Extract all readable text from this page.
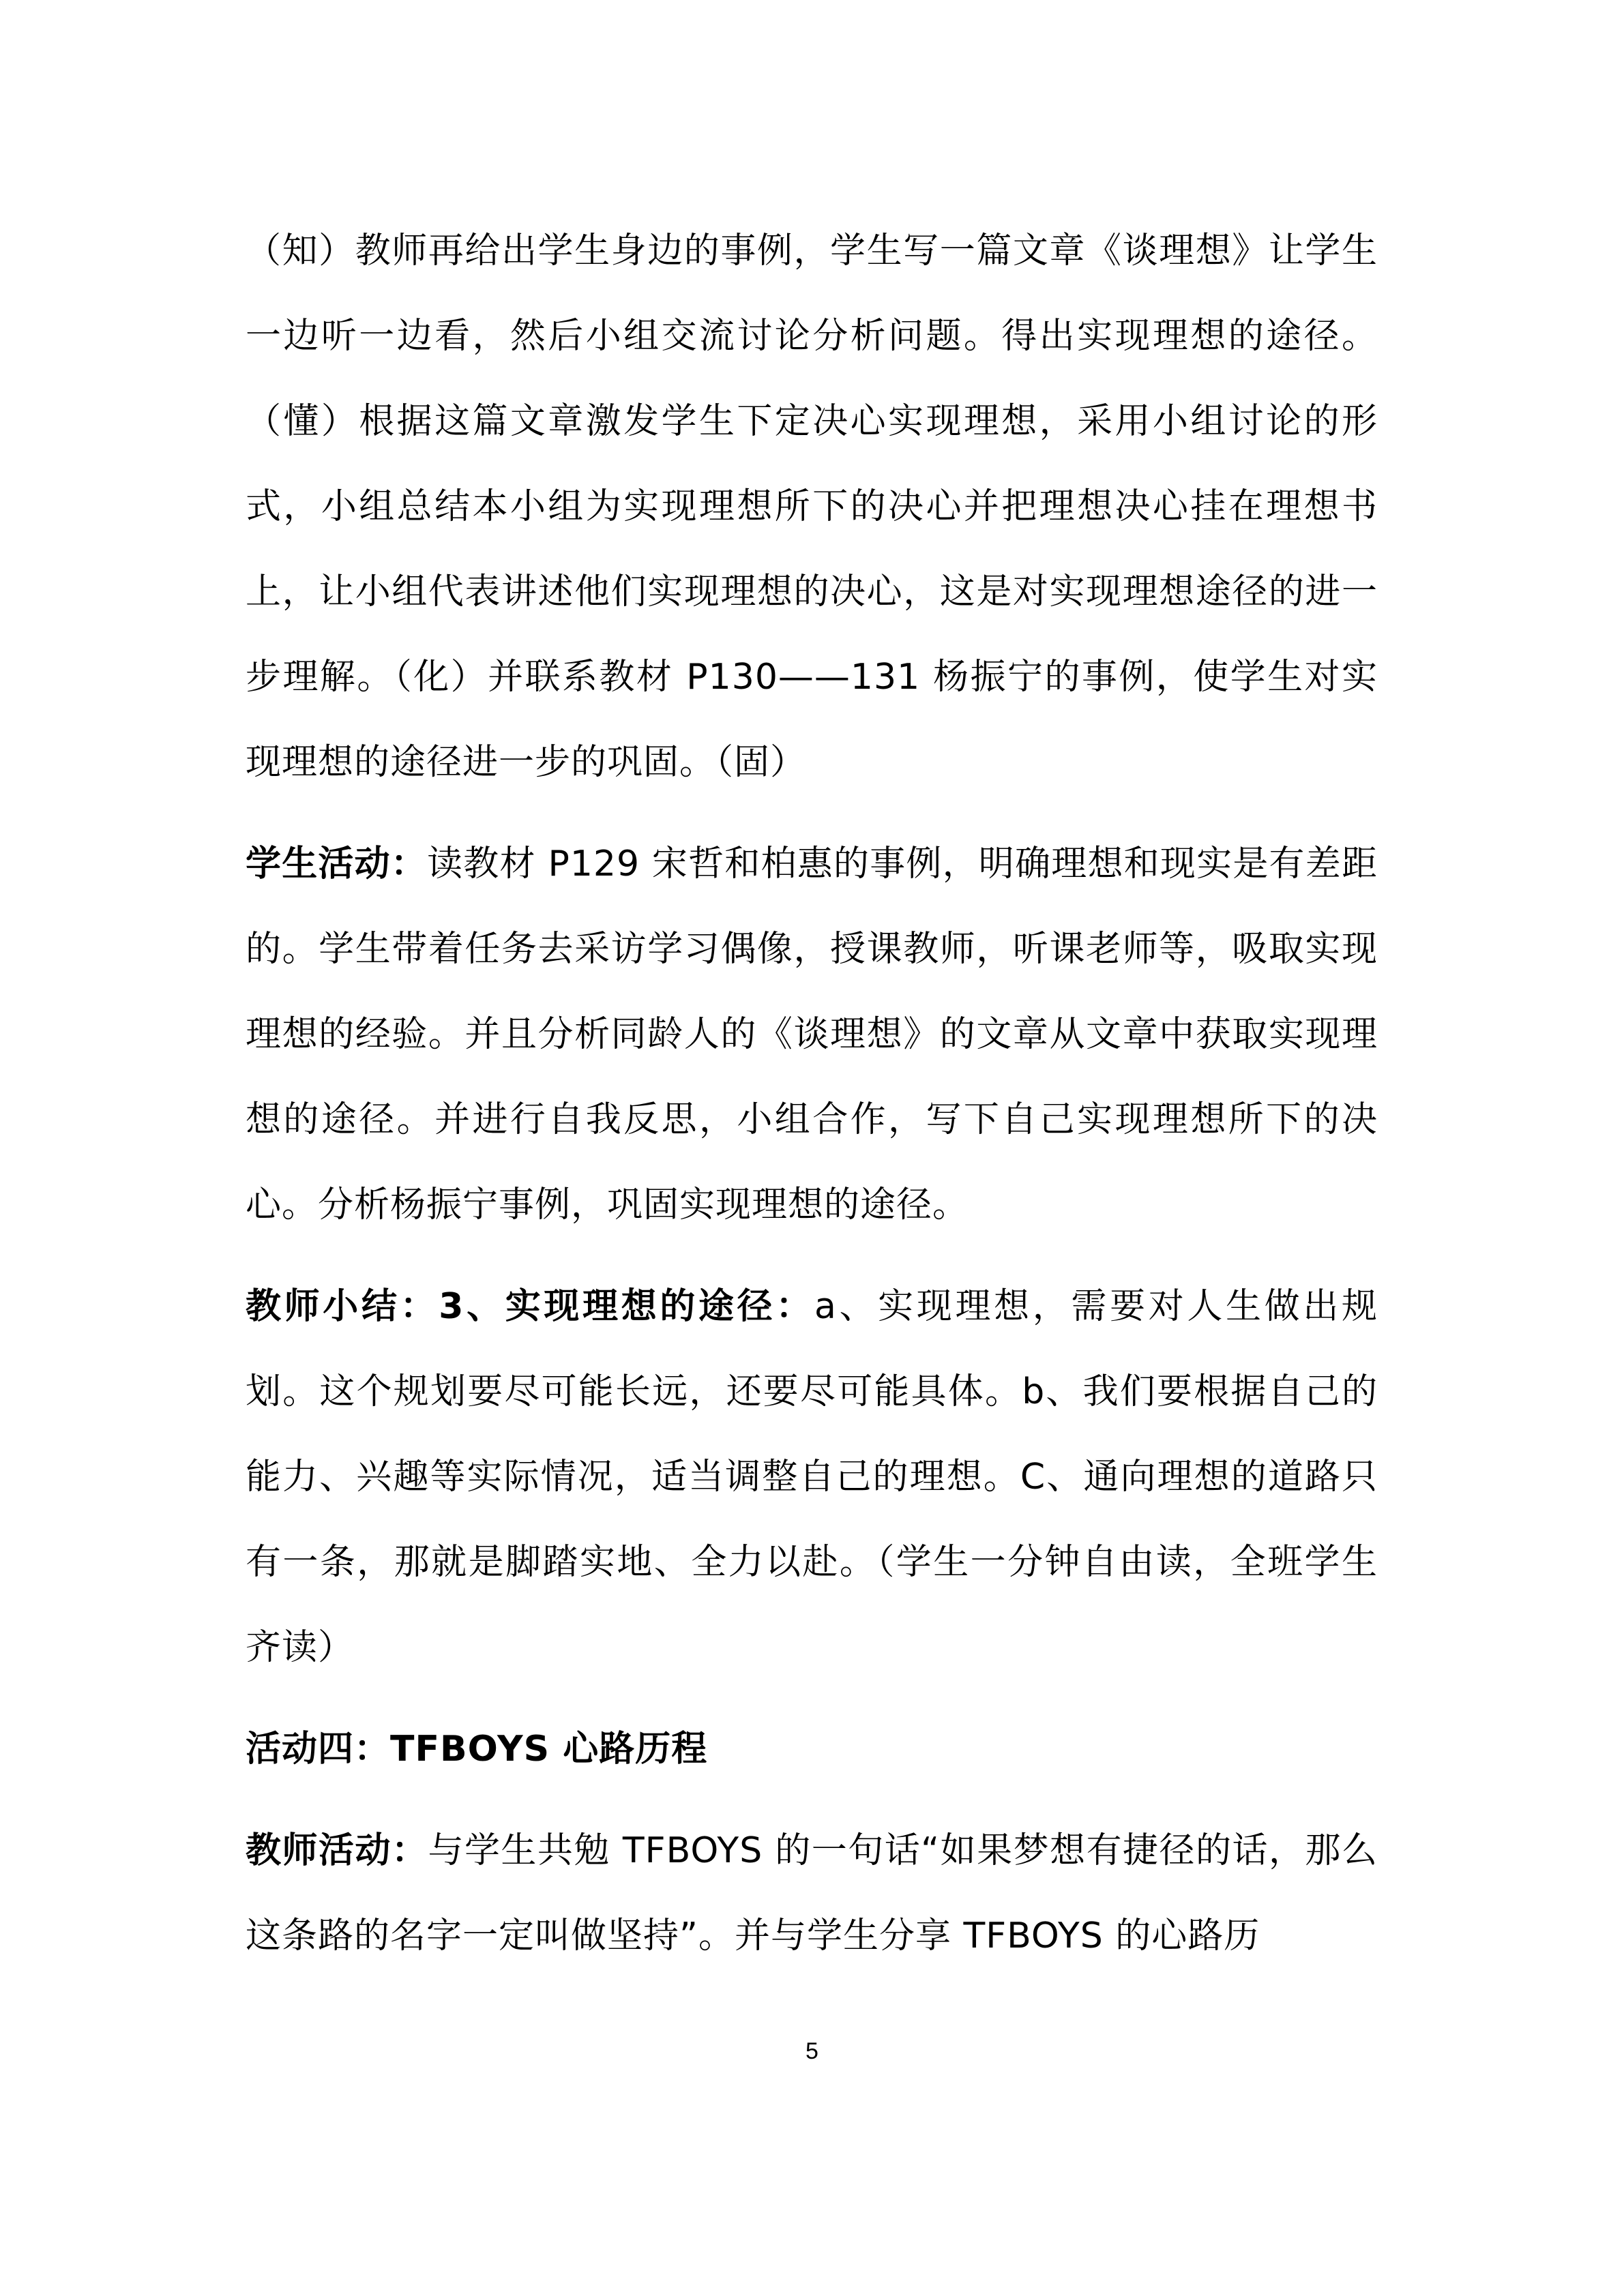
（知）教师再给出学生身边的事例，学生写一篇文章《谈理想》让学生一边听一边看，然后小组交流讨论分析问题。得出实现理想的途径。（懂）根据这篇文章激发学生下定决心实现理想，采用小组讨论的形式，小组总结本小组为实现理想所下的决心并把理想决心挂在理想书上，让小组代表讲述他们实现理想的决心，这是对实现理想途径的进一步理解。（化）并联系教材 P130——131 杨振宁的事例，使学生对实现理想的途径进一步的巩固。（固）

学生活动：读教材 P129 宋哲和柏惠的事例，明确理想和现实是有差距的。学生带着任务去采访学习偶像，授课教师，听课老师等，吸取实现理想的经验。并且分析同龄人的《谈理想》的文章从文章中获取实现理想的途径。并进行自我反思，小组合作，写下自己实现理想所下的决心。分析杨振宁事例，巩固实现理想的途径。

教师小结：3、实现理想的途径：a、实现理想，需要对人生做出规划。这个规划要尽可能长远，还要尽可能具体。b、我们要根据自己的能力、兴趣等实际情况，适当调整自己的理想。C、通向理想的道路只有一条，那就是脚踏实地、全力以赴。（学生一分钟自由读，全班学生齐读）

活动四：TFBOYS 心路历程

教师活动：与学生共勉 TFBOYS 的一句话“如果梦想有捷径的话，那么这条路的名字一定叫做坚持”。并与学生分享 TFBOYS 的心路历

5
